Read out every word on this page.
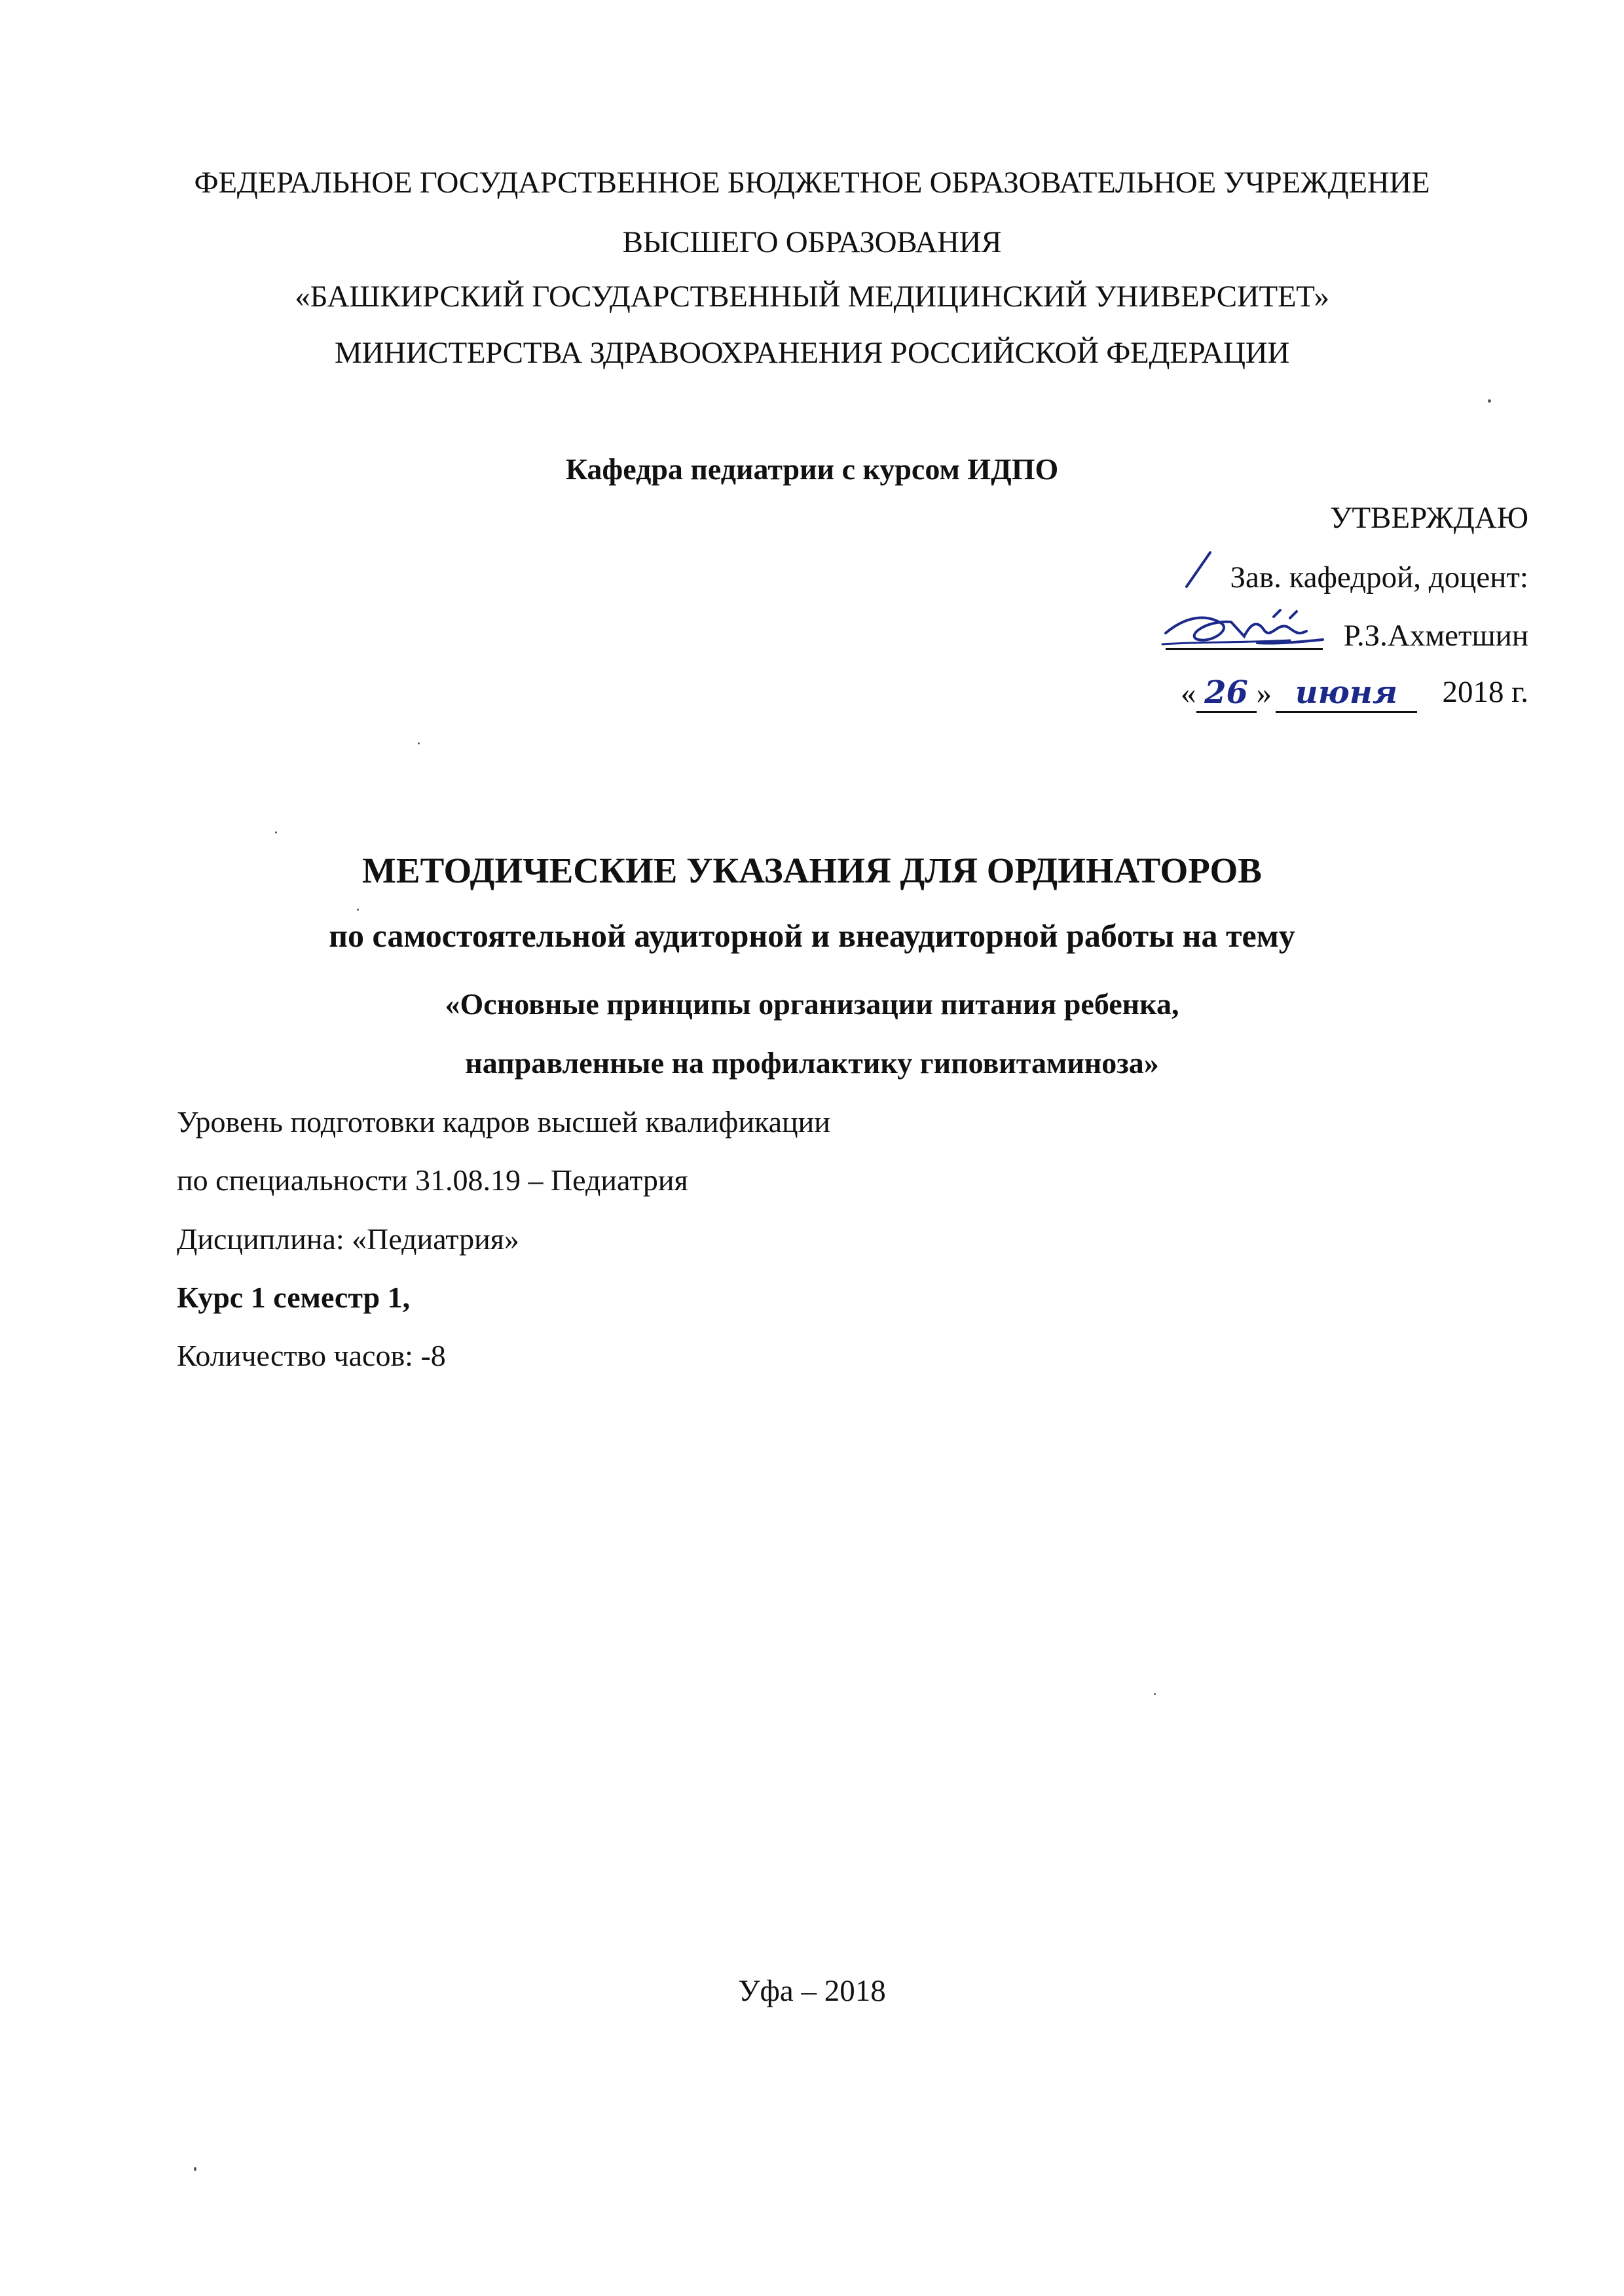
ФЕДЕРАЛЬНОЕ ГОСУДАРСТВЕННОЕ БЮДЖЕТНОЕ ОБРАЗОВАТЕЛЬНОЕ УЧРЕЖДЕНИЕ
ВЫСШЕГО ОБРАЗОВАНИЯ
«БАШКИРСКИЙ ГОСУДАРСТВЕННЫЙ МЕДИЦИНСКИЙ УНИВЕРСИТЕТ»
МИНИСТЕРСТВА ЗДРАВООХРАНЕНИЯ РОССИЙСКОЙ ФЕДЕРАЦИИ
Кафедра педиатрии с курсом ИДПО
УТВЕРЖДАЮ
Зав. кафедрой, доцент:
Р.З.Ахметшин
« 26 » июня	2018 г.
МЕТОДИЧЕСКИЕ УКАЗАНИЯ ДЛЯ ОРДИНАТОРОВ
по самостоятельной аудиторной и внеаудиторной работы на тему
«Основные принципы организации питания ребенка,
направленные на профилактику гиповитаминоза»
Уровень подготовки кадров высшей квалификации
по специальности 31.08.19 – Педиатрия
Дисциплина: «Педиатрия»
Курс 1 семестр 1,
Количество часов: -8
Уфа – 2018
